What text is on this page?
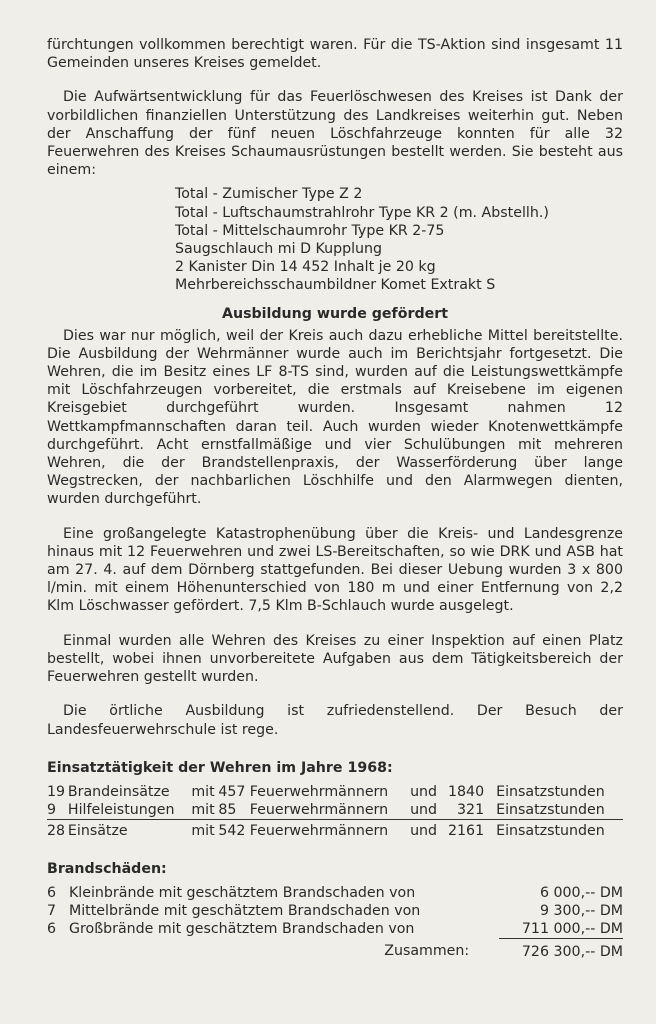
fürchtungen vollkommen berechtigt waren. Für die TS-Aktion sind insgesamt 11 Gemeinden unseres Kreises gemeldet.

Die Aufwärtsentwicklung für das Feuerlöschwesen des Kreises ist Dank der vorbildlichen finanziellen Unterstützung des Landkreises weiterhin gut. Neben der Anschaffung der fünf neuen Löschfahrzeuge konnten für alle 32 Feuerwehren des Kreises Schaumausrüstungen bestellt werden. Sie besteht aus einem:

Total - Zumischer Type Z 2
Total - Luftschaumstrahlrohr Type KR 2 (m. Abstellh.)
Total - Mittelschaumrohr Type KR 2-75
Saugschlauch mi D Kupplung
2 Kanister Din 14 452 Inhalt je 20 kg
Mehrbereichsschaumbildner Komet Extrakt S
Ausbildung wurde gefördert

Dies war nur möglich, weil der Kreis auch dazu erhebliche Mittel bereitstellte. Die Ausbildung der Wehrmänner wurde auch im Berichtsjahr fortgesetzt. Die Wehren, die im Besitz eines LF 8-TS sind, wurden auf die Leistungswettkämpfe mit Löschfahrzeugen vorbereitet, die erstmals auf Kreisebene im eigenen Kreisgebiet durchgeführt wurden. Insgesamt nahmen 12 Wettkampfmannschaften daran teil. Auch wurden wieder Knotenwettkämpfe durchgeführt. Acht ernstfallmäßige und vier Schulübungen mit mehreren Wehren, die der Brandstellenpraxis, der Wasserförderung über lange Wegstrecken, der nachbarlichen Löschhilfe und den Alarmwegen dienten, wurden durchgeführt.

Eine großangelegte Katastrophenübung über die Kreis- und Landesgrenze hinaus mit 12 Feuerwehren und zwei LS-Bereitschaften, so wie DRK und ASB hat am 27. 4. auf dem Dörnberg stattgefunden. Bei dieser Uebung wurden 3 x 800 l/min. mit einem Höhenunterschied von 180 m und einer Entfernung von 2,2 Klm Löschwasser gefördert. 7,5 Klm B-Schlauch wurde ausgelegt.

Einmal wurden alle Wehren des Kreises zu einer Inspektion auf einen Platz bestellt, wobei ihnen unvorbereitete Aufgaben aus dem Tätigkeitsbereich der Feuerwehren gestellt wurden.

Die örtliche Ausbildung ist zufriedenstellend. Der Besuch der Landesfeuerwehrschule ist rege.

Einsatztätigkeit der Wehren im Jahre 1968:
19	Brandeinsätze	mit	457	Feuerwehrmännern	und	1840	Einsatzstunden
9	Hilfeleistungen	mit	85	Feuerwehrmännern	und	321	Einsatzstunden
28	Einsätze	mit	542	Feuerwehrmännern	und	2161	Einsatzstunden
Brandschäden:
6	Kleinbrände mit geschätztem Brandschaden von	6 000,-- DM
7	Mittelbrände mit geschätztem Brandschaden von	9 300,-- DM
6	Großbrände mit geschätztem Brandschaden von	711 000,-- DM
	Zusammen:	726 300,-- DM
